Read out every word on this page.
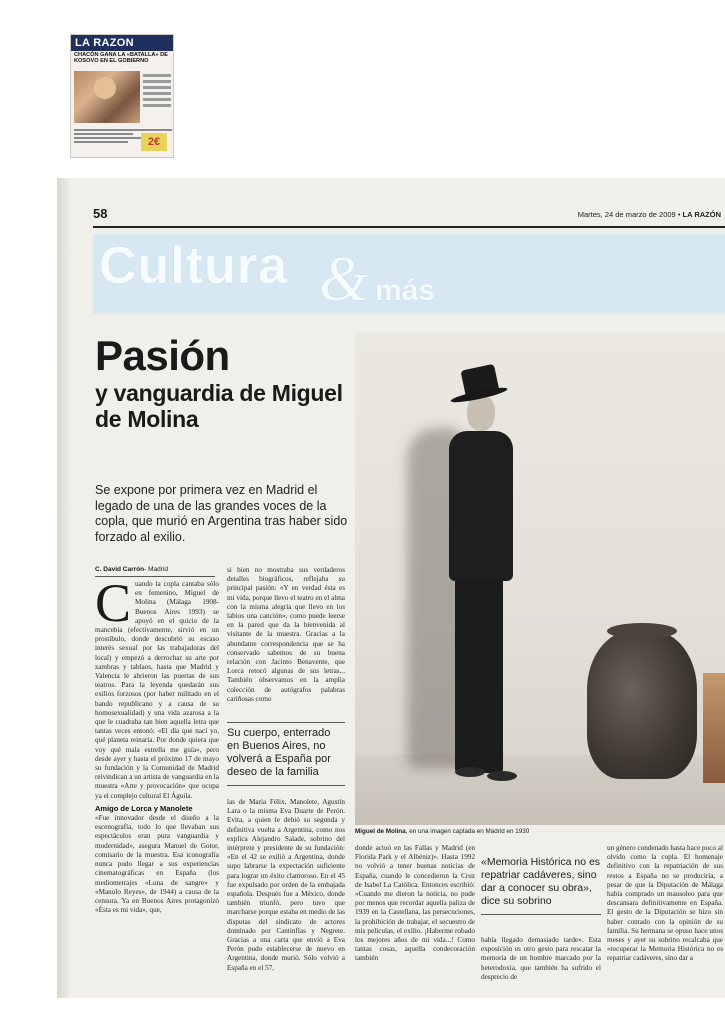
LA RAZON
CHACÓN GANA LA «BATALLA» DE KOSOVO EN EL GOBIERNO
2€
58	Martes, 24 de marzo de 2009 • LA RAZÓN
Cultura & más
Pasión
y vanguardia de Miguel de Molina
Se expone por primera vez en Madrid el legado de una de las grandes voces de la copla, que murió en Argentina tras haber sido forzado al exilio.
C. David Carrón- Madrid
C uando la copla cantaba sólo en femenino, Miguel de Molina (Málaga 1908- Buenos Aires 1993) se apoyó en el quicio de la mancebía (efectivamente, sirvió en un prostíbulo, donde descubrió su escaso interés sexual por las trabajadoras del local) y empezó a derrochar su arte por zambras y tablaos, hasta que Madrid y Valencia le abrieron las puertas de sus teatros. Para la leyenda quedarán sus exilios forzosos (por haber militado en el bando republicano y a causa de su homosexualidad) y una vida azarosa a la que le cuadraba tan bien aquella letra que tantas veces entonó: «El día que nací yo, qué planeta reinaría. Por donde quiera que voy qué mala estrella me guía», pero desde ayer y hasta el próximo 17 de mayo su fundación y la Comunidad de Madrid reivindican a un artista de vanguardia en la muestra «Arte y provocación» que ocupa ya el complejo cultural El Águila.
Amigo de Lorca y Manolete
«Fue innovador desde el diseño a la escenografía, todo lo que llevaban sus espectáculos eran pura vanguardia y modernidad», asegura Manuel de Gotor, comisario de la muestra. Esa iconografía nunca pudo llegar a sus experiencias cinematográficas en España (los mediometrajes «Luna de sangre» y «Manolo Reyes», de 1944) a causa de la censura. Ya en Buenos Aires protagonizó «Ésta es mi vida», que,
si bien no mostraba sus verdaderos detalles biográficos, reflejaba su principal pasión: «Y en verdad ésta es mi vida, porque llevo el teatro en el alma con la misma alegría que llevo en los labios una canción», como puede leerse en la pared que da la bienvenida al visitante de la muestra. Gracias a la abundante correspondencia que se ha conservado sabemos de su buena relación con Jacinto Benavente, que Lorca retocó algunas de sus letras... También observamos en la amplia colección de autógrafos palabras cariñosas como
Su cuerpo, enterrado en Buenos Aires, no volverá a España por deseo de la familia
las de María Félix, Manolete, Agustín Lara o la misma Eva Duarte de Perón. Evita, a quien le debió su segunda y definitiva vuelta a Argentina, como nos explica Alejandro Salade, sobrino del intérprete y presidente de su fundación: «En el 42 se exilió a Argentina, donde supo labrarse la expectación suficiente para lograr un éxito clamoroso. En el 45 fue expulsado por orden de la embajada española. Después fue a México, donde también triunfó, pero tuvo que marcharse porque estaba en medio de las disputas del sindicato de actores dominado por Cantinflas y Negrete. Gracias a una carta que envió a Eva Perón pudo establecerse de nuevo en Argentina, donde murió. Sólo volvió a España en el 57,
Miguel de Molina, en una imagen captada en Madrid en 1930
donde actuó en las Fallas y Madrid (en Florida Park y el Albéniz)». Hasta 1992 no volvió a tener buenas noticias de España, cuando le concedieron la Cruz de Isabel La Católica. Entonces escribió: «Cuando me dieron la noticia, no pude por menos que recordar aquella paliza de 1939 en la Castellana, las persecuciones, la prohibición de trabajar, el secuestro de mis películas, el exilio. ¡Haberme robado los mejores años de mi vida...! Como tantas cosas, aquella condecoración también
«Memoria Histórica no es repatriar cadáveres, sino dar a conocer su obra», dice su sobrino
había llegado demasiado tarde». Esta exposición es otro gesto para rescatar la memoria de un hombre marcado por la heterodoxia, que también ha sufrido el desprecio de
un género condenado hasta hace poco al olvido como la copla. El homenaje definitivo con la repatriación de sus restos a España no se produciría, a pesar de que la Diputación de Málaga había comprado un mausoleo para que descansara definitivamente en España. El gesto de la Diputación se hizo sin haber contado con la opinión de su familia. Su hermana se opuso hace unos meses y ayer su sobrino recalcaba que «recuperar la Memoria Histórica no es repatriar cadáveres, sino dar a
